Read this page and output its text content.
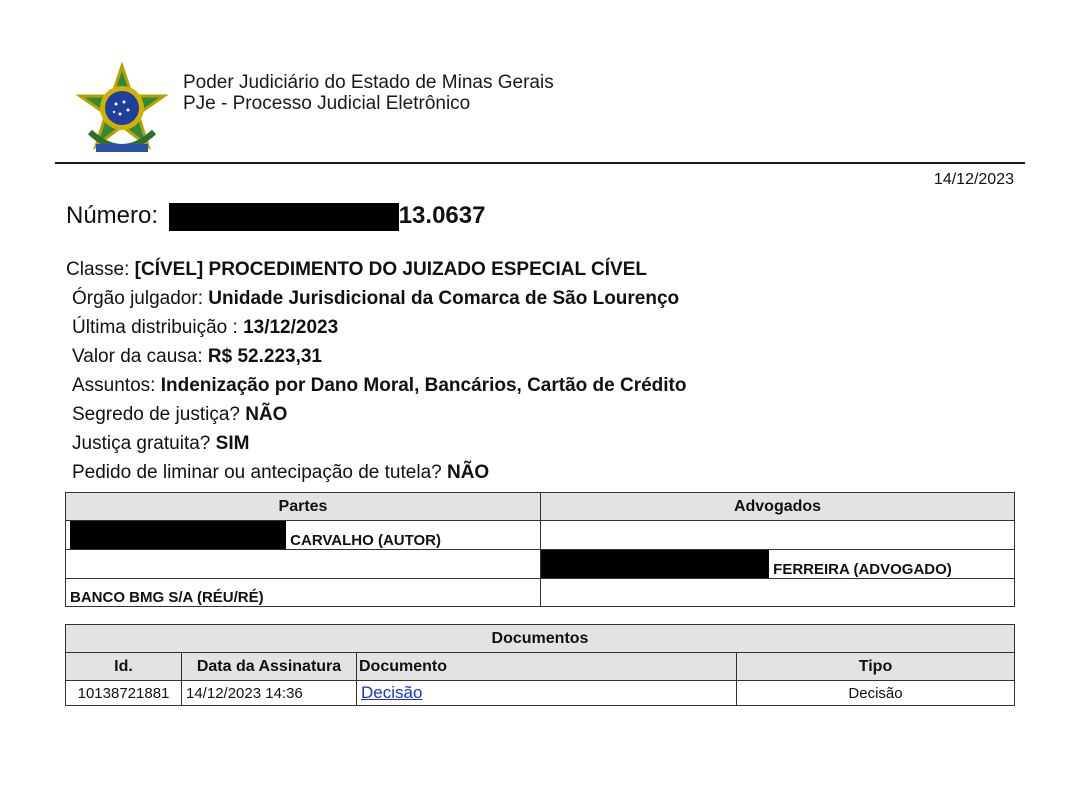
Poder Judiciário do Estado de Minas Gerais
PJe - Processo Judicial Eletrônico
14/12/2023
Número:	13.0637
Classe: [CÍVEL] PROCEDIMENTO DO JUIZADO ESPECIAL CÍVEL
Órgão julgador: Unidade Jurisdicional da Comarca de São Lourenço
Última distribuição : 13/12/2023
Valor da causa: R$ 52.223,31
Assuntos: Indenização por Dano Moral, Bancários, Cartão de Crédito
Segredo de justiça? NÃO
Justiça gratuita? SIM
Pedido de liminar ou antecipação de tutela? NÃO
Partes	Advogados
CARVALHO (AUTOR)	
	FERREIRA (ADVOGADO)
BANCO BMG S/A (RÉU/RÉ)	
Documentos			
Id.	Data da Assinatura	Documento	Tipo
10138721881	14/12/2023 14:36	Decisão	Decisão
